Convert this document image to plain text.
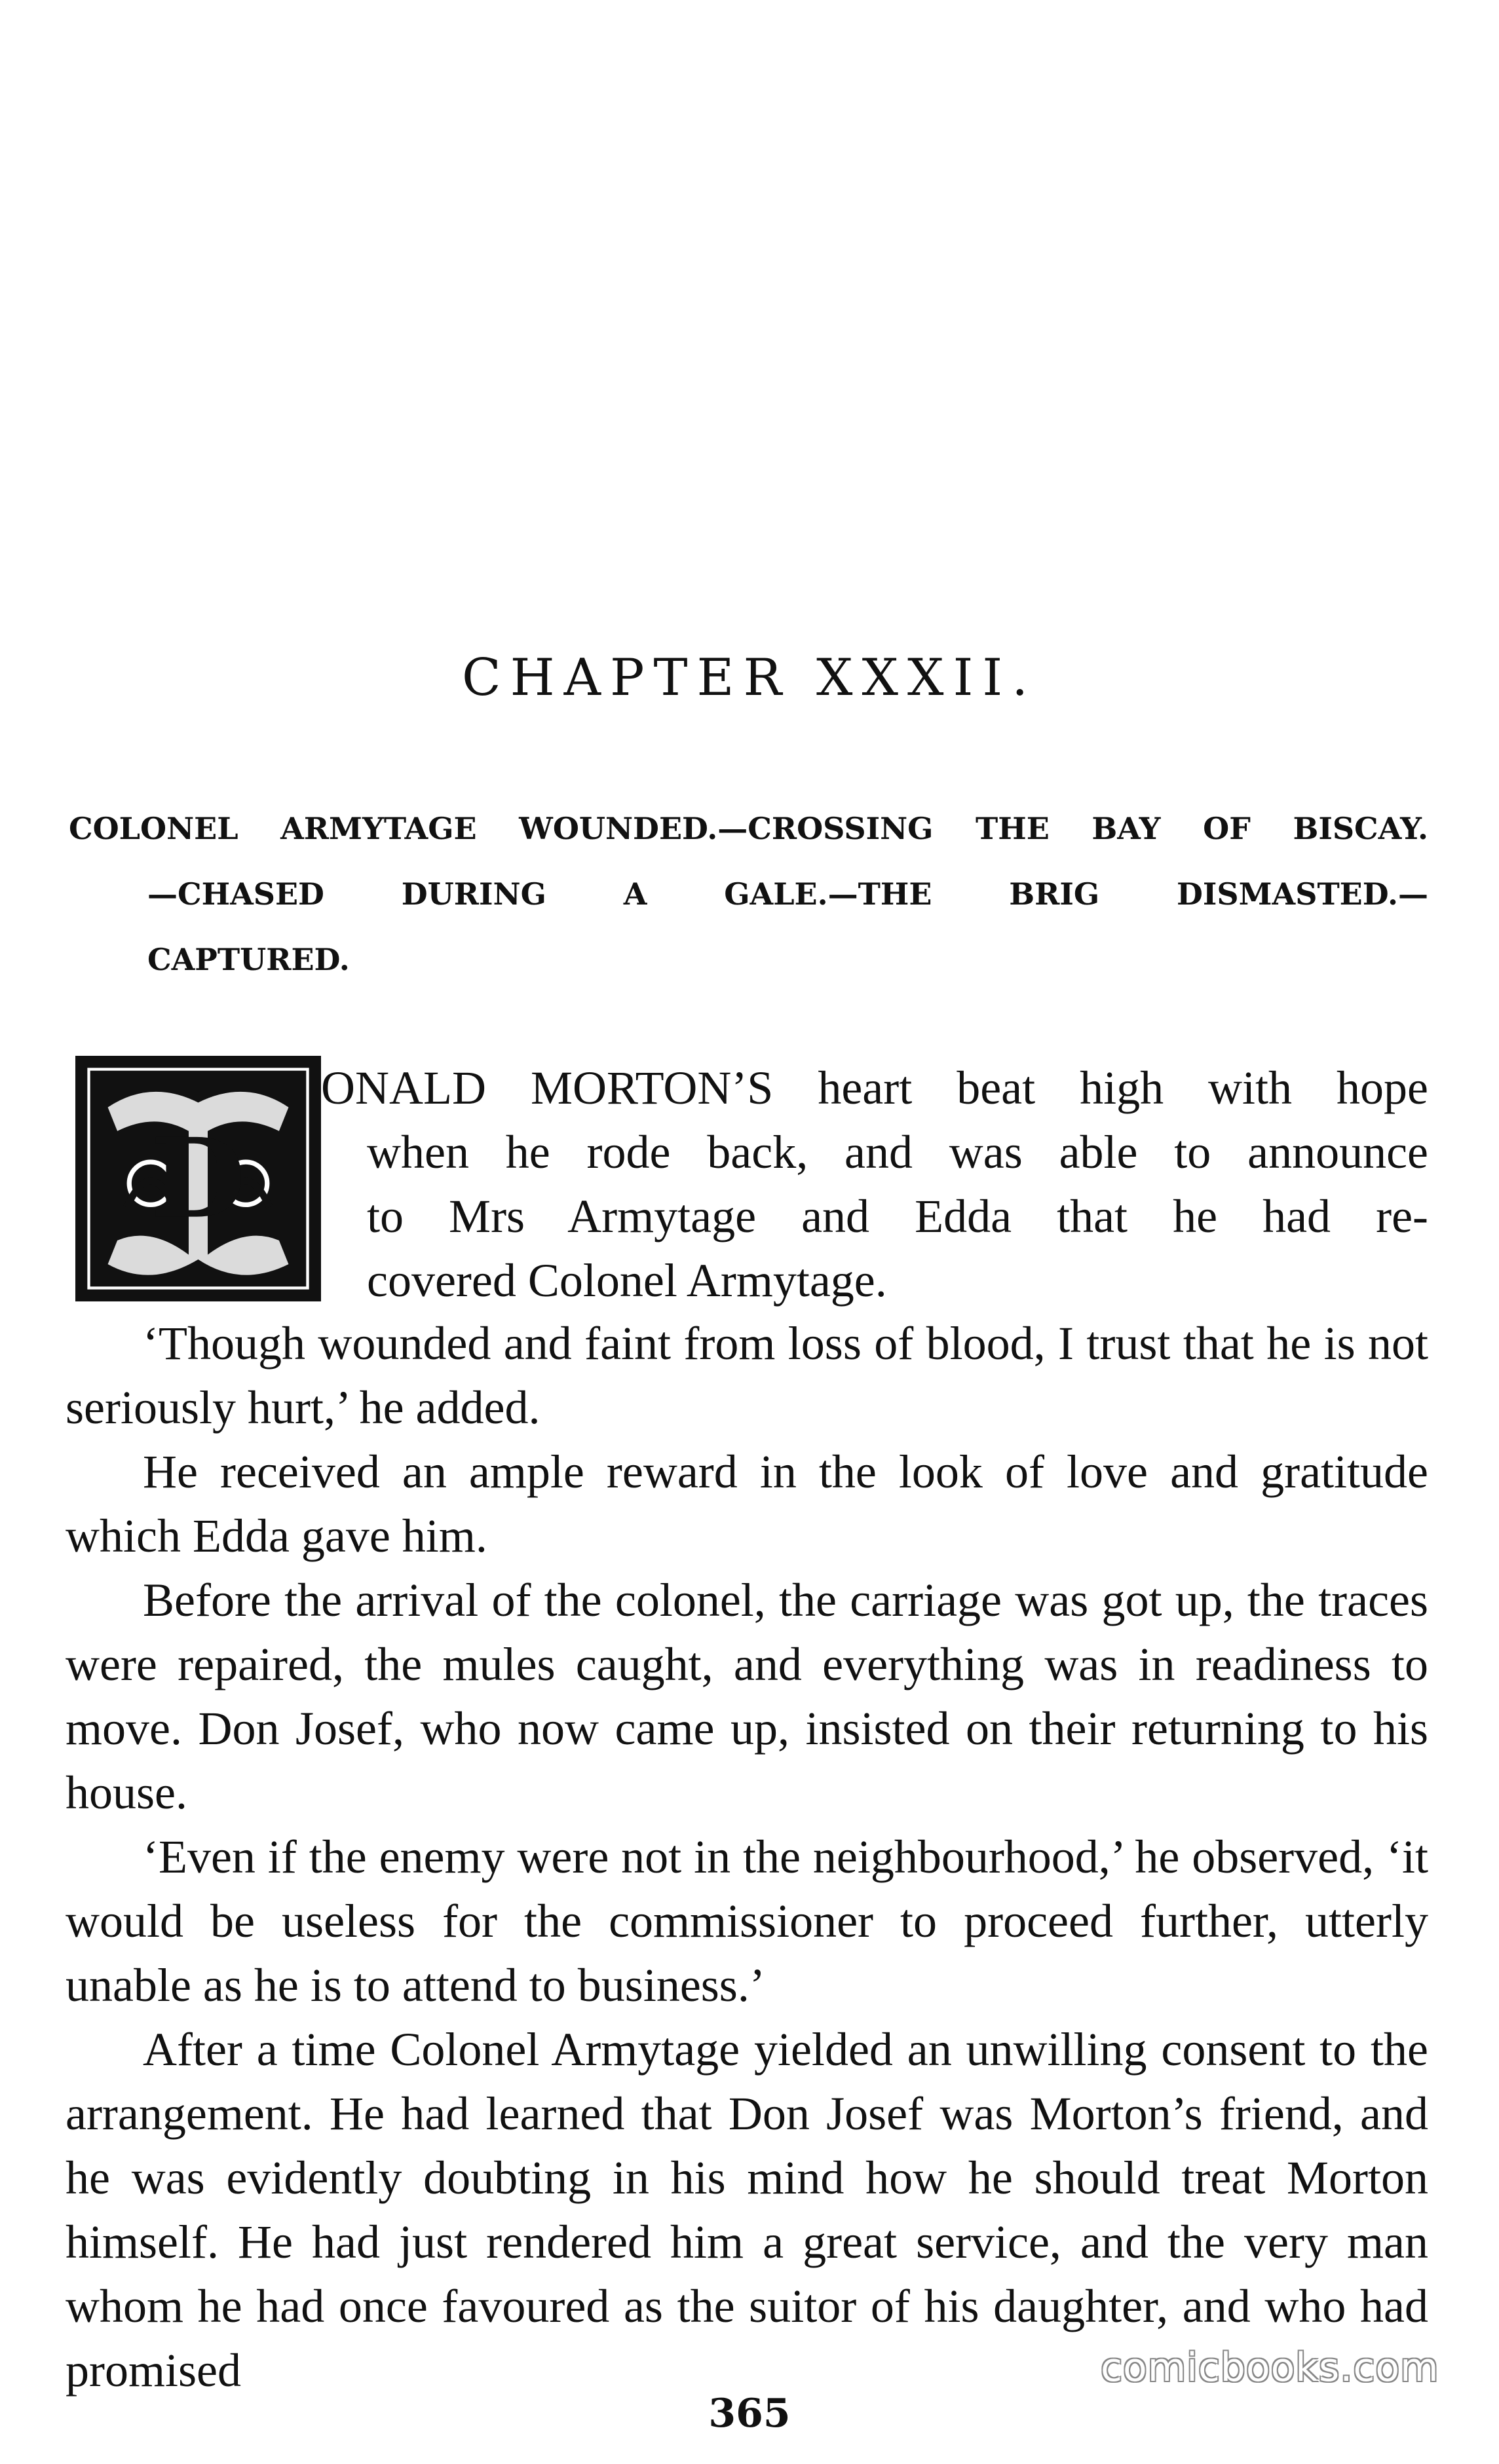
CHAPTER XXXII.
COLONEL ARMYTAGE WOUNDED.—CROSSING THE BAY OF BISCAY.
—CHASED DURING A GALE.—THE BRIG DISMASTED.—
CAPTURED.
D
ONALD MORTON’S heart beat high with hope
when he rode back, and was able to announce
to Mrs Armytage and Edda that he had re-
covered Colonel Armytage.

‘Though wounded and faint from loss of blood, I trust that he is not seriously hurt,’ he added.

He received an ample reward in the look of love and gratitude which Edda gave him.

Before the arrival of the colonel, the carriage was got up, the traces were repaired, the mules caught, and everything was in readiness to move. Don Josef, who now came up, insisted on their returning to his house.

‘Even if the enemy were not in the neighbourhood,’ he observed, ‘it would be useless for the commissioner to proceed further, utterly unable as he is to attend to business.’

After a time Colonel Armytage yielded an unwilling consent to the arrangement. He had learned that Don Josef was Morton’s friend, and he was evidently doubting in his mind how he should treat Morton himself. He had just rendered him a great service, and the very man whom he had once favoured as the suitor of his daughter, and who had promised	comicbooks.com
365
